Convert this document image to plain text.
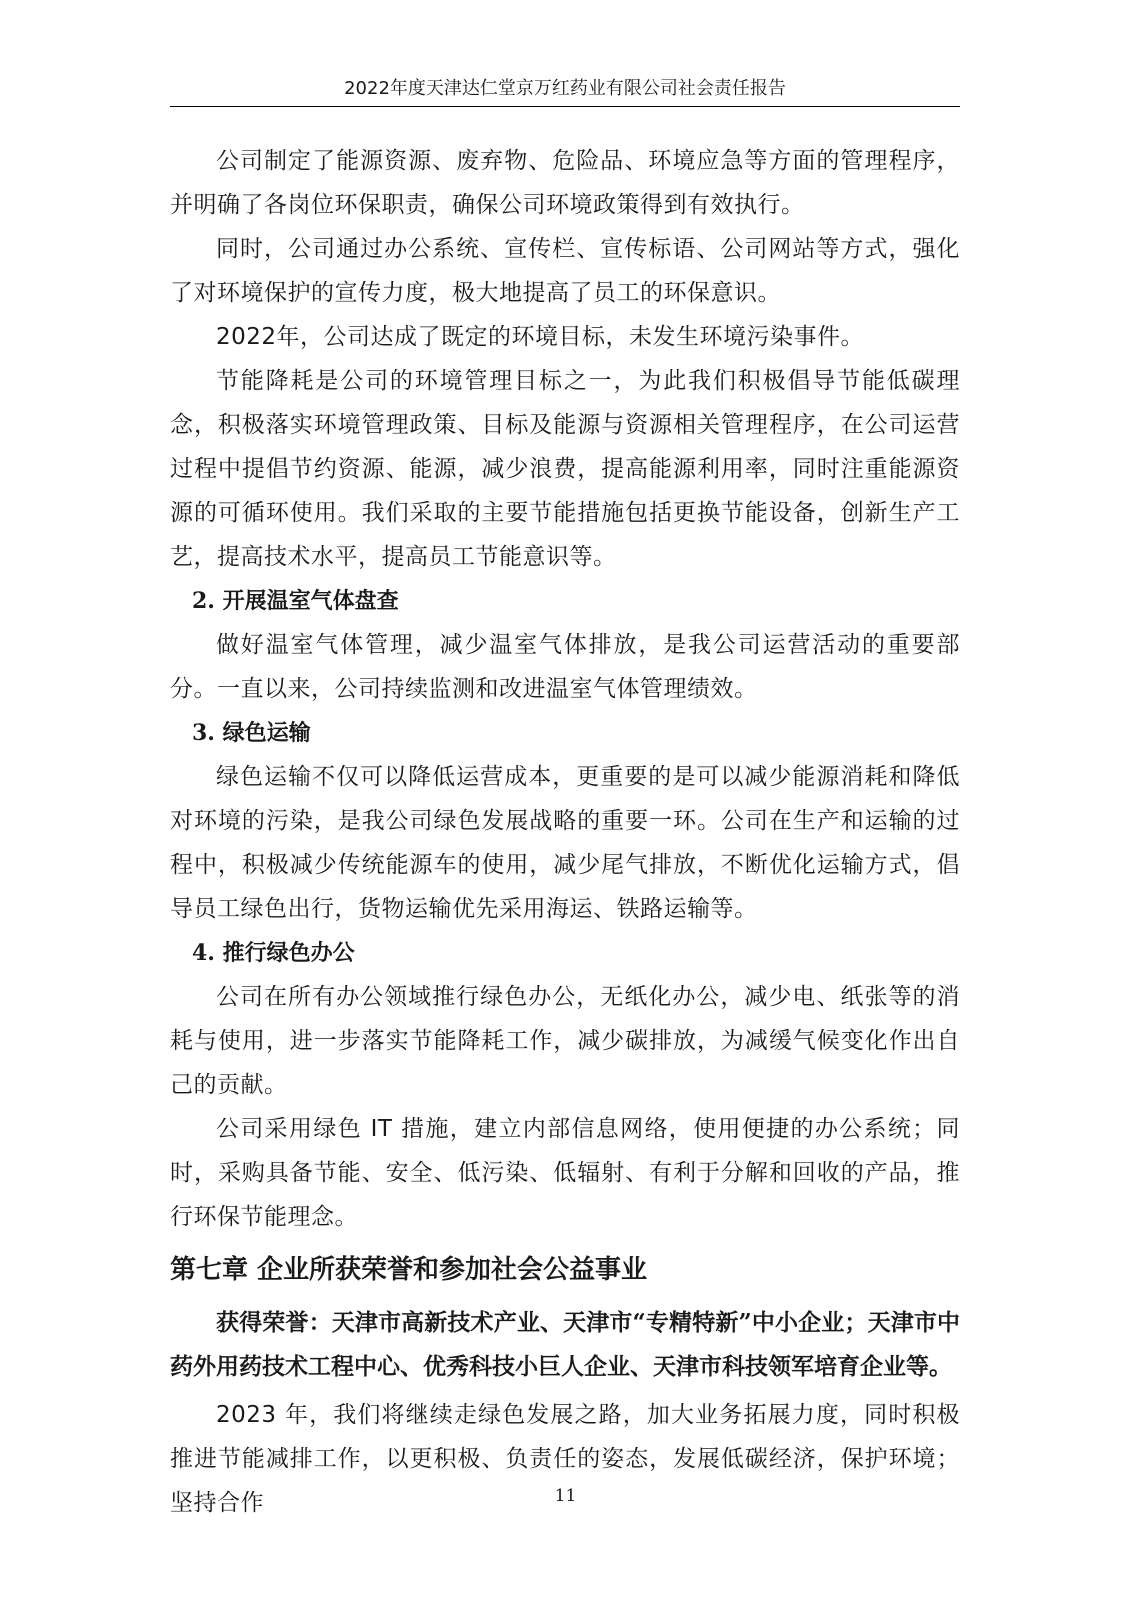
2022年度天津达仁堂京万红药业有限公司社会责任报告

公司制定了能源资源、废弃物、危险品、环境应急等方面的管理程序，并明确了各岗位环保职责，确保公司环境政策得到有效执行。

同时，公司通过办公系统、宣传栏、宣传标语、公司网站等方式，强化了对环境保护的宣传力度，极大地提高了员工的环保意识。

2022年，公司达成了既定的环境目标，未发生环境污染事件。

节能降耗是公司的环境管理目标之一，为此我们积极倡导节能低碳理念，积极落实环境管理政策、目标及能源与资源相关管理程序，在公司运营过程中提倡节约资源、能源，减少浪费，提高能源利用率，同时注重能源资源的可循环使用。我们采取的主要节能措施包括更换节能设备，创新生产工艺，提高技术水平，提高员工节能意识等。

2. 开展温室气体盘查

做好温室气体管理，减少温室气体排放，是我公司运营活动的重要部分。一直以来，公司持续监测和改进温室气体管理绩效。

3. 绿色运输

绿色运输不仅可以降低运营成本，更重要的是可以减少能源消耗和降低对环境的污染，是我公司绿色发展战略的重要一环。公司在生产和运输的过程中，积极减少传统能源车的使用，减少尾气排放，不断优化运输方式，倡导员工绿色出行，货物运输优先采用海运、铁路运输等。

4. 推行绿色办公

公司在所有办公领域推行绿色办公，无纸化办公，减少电、纸张等的消耗与使用，进一步落实节能降耗工作，减少碳排放，为减缓气候变化作出自己的贡献。

公司采用绿色 IT 措施，建立内部信息网络，使用便捷的办公系统；同时，采购具备节能、安全、低污染、低辐射、有利于分解和回收的产品，推行环保节能理念。

第七章 企业所获荣誉和参加社会公益事业

获得荣誉：天津市高新技术产业、天津市“专精特新”中小企业；天津市中药外用药技术工程中心、优秀科技小巨人企业、天津市科技领军培育企业等。

2023 年，我们将继续走绿色发展之路，加大业务拓展力度，同时积极推进节能减排工作，以更积极、负责任的姿态，发展低碳经济，保护环境；坚持合作	11
